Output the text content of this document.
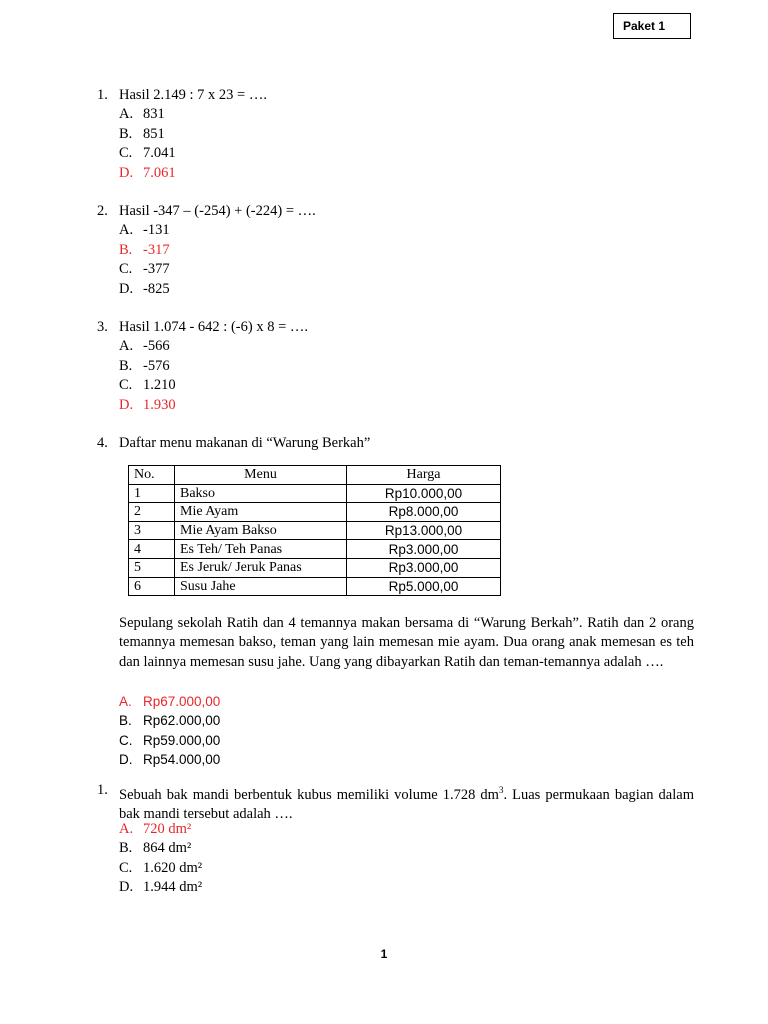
Paket 1
1. Hasil 2.149 : 7 x 23 = ….
A. 831
B. 851
C. 7.041
D. 7.061
2. Hasil -347 – (-254) + (-224) = ….
A. -131
B. -317
C. -377
D. -825
3. Hasil 1.074 - 642 : (-6) x 8 = ….
A. -566
B. -576
C. 1.210
D. 1.930
4. Daftar menu makanan di “Warung Berkah”
No.	Menu	Harga
1	Bakso	Rp10.000,00
2	Mie Ayam	Rp8.000,00
3	Mie Ayam Bakso	Rp13.000,00
4	Es Teh/ Teh Panas	Rp3.000,00
5	Es Jeruk/ Jeruk Panas	Rp3.000,00
6	Susu Jahe	Rp5.000,00
Sepulang sekolah Ratih dan 4 temannya makan bersama di “Warung Berkah”. Ratih dan 2 orang temannya memesan bakso, teman yang lain memesan mie ayam. Dua orang anak memesan es teh dan lainnya memesan susu jahe. Uang yang dibayarkan Ratih dan teman-temannya adalah ….
A. Rp67.000,00
B. Rp62.000,00
C. Rp59.000,00
D. Rp54.000,00
1. Sebuah bak mandi berbentuk kubus memiliki volume 1.728 $dm^3$. Luas permukaan bagian dalam bak mandi tersebut adalah ….
A. 720 dm²
B. 864 dm²
C. 1.620 dm²
D. 1.944 dm²
1
